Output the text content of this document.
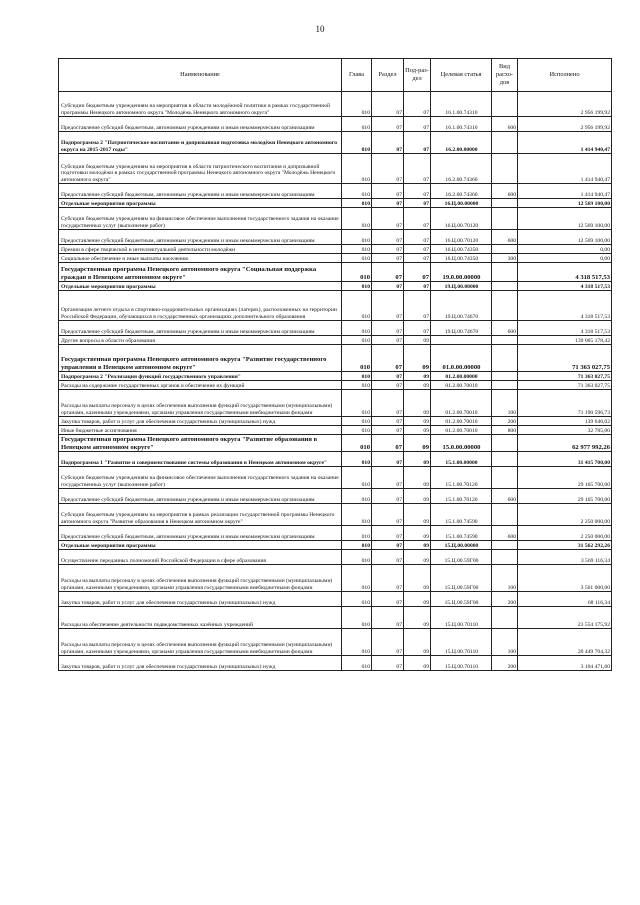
10
Наименование	Глава	Раздел	Под-раз-дел	Целевая статья	Вид расхо-дов	Исполнено
Субсидии бюджетным учреждениям на мероприятия в области молодёжной политики в рамках государственной программы Ненецкого автономного округа "Молодёжь Ненецкого автономного округа"	010	07	07	16.1.00.74310		2 956 199,92
Предоставление субсидий бюджетным, автономным учреждениям и иным некоммерческим организациям	010	07	07	16.1.00.74310	600	2 956 199,92
Подпрограмма 2 "Патриотическое воспитание и допризывная подготовка молодёжи Ненецкого автономного округа на 2015-2017 годы"	010	07	07	16.2.00.00000		1 414 940,47
Субсидии бюджетным учреждениям на мероприятия в области патриотического воспитания и допризывной подготовки молодёжи в рамках государственной программы Ненецкого автономного округа "Молодёжь Ненецкого автономного округа"	010	07	07	16.2.00.74360		1 414 940,47
Предоставление субсидий бюджетным, автономным учреждениям и иным некоммерческим организациям	010	07	07	16.2.00.74360	600	1 414 940,47
Отдельные мероприятия программы	010	07	07	16.Ц.00.00000		12 569 100,00
Субсидии бюджетным учреждениям на финансовое обеспечение выполнения государственного задания на оказание государственных услуг (выполнение работ)	010	07	07	16.Ц.00.70120		12 569 100,00
Предоставление субсидий бюджетным, автономным учреждениям и иным некоммерческим организациям	010	07	07	16.Ц.00.70120	600	12 569 100,00
Премии в сфере творческой и интеллектуальной деятельности молодёжи	010	07	07	16.Ц.00.74350		0,00
Социальное обеспечение и иные выплаты населению	010	07	07	16.Ц.00.74350	300	0,00
Государственная программа Ненецкого автономного округа "Социальная поддержка граждан в Ненецком автономном округе"	010	07	07	19.0.00.00000		4 318 517,53
Отдельные мероприятия программы	010	07	07	19.Ц.00.00000		4 318 517,53
Организация летнего отдыха в спортивно-оздоровительных организациях (лагерях), расположенных на территории Российской Федерации, обучающихся в государственных организациях дополнительного образования	010	07	07	19.Ц.00.74670		4 318 517,53
Предоставление субсидий бюджетным, автономным учреждениям и иным некоммерческим организациям	010	07	07	19.Ц.00.74670	600	4 318 517,53
Другие вопросы в области образования	010	07	09			139 065 178,42
Государственная программа Ненецкого автономного округа "Развитие государственного управления в Ненецком автономном округе"	010	07	09	01.0.00.00000		71 363 027,75
Подпрограмма 2 "Реализация функций государственного управления"	010	07	09	01.2.00.00000		71 363 027,75
Расходы на содержание государственных органов и обеспечение их функций	010	07	09	01.2.00.70010		71 363 027,75
Расходы на выплаты персоналу в целях обеспечения выполнения функций государственными (муниципальными) органами, казенными учреждениями, органами управления государственными внебюджетными фондами	010	07	09	01.2.00.70010	100	71 190 596,73
Закупка товаров, работ и услуг для обеспечения государственных (муниципальных) нужд	010	07	09	01.2.00.70010	200	139 646,02
Иные бюджетные ассигнования	010	07	09	01.2.00.70010	800	32 785,00
Государственная программа Ненецкого автономного округа "Развитие образования в Ненецком автономном округе"	010	07	09	15.0.00.00000		62 977 992,26
Подпрограмма 1 "Развитие и совершенствование системы образования в Ненецком автономном округе"	010	07	09	15.1.00.00000		31 415 700,00
Субсидии бюджетным учреждениям на финансовое обеспечение выполнения государственного задания на оказание государственных услуг (выполнение работ)	010	07	09	15.1.00.70120		29 165 700,00
Предоставление субсидий бюджетным, автономным учреждениям и иным некоммерческим организациям	010	07	09	15.1.00.70120	600	29 165 700,00
Субсидии бюджетным учреждениям на мероприятия в рамках реализации государственной программы Ненецкого автономного округа "Развитие образования в Ненецком автономном округе"	010	07	09	15.1.00.74590		2 250 000,00
Предоставление субсидий бюджетным, автономным учреждениям и иным некоммерческим организациям	010	07	09	15.1.00.74590	600	2 250 000,00
Отдельные мероприятия программы	010	07	09	15.Ц.00.00000		31 562 292,26
Осуществление переданных полномочий Российской Федерации в сфере образования	010	07	09	15.Ц.00.59Г00		3 569 116,34
Расходы на выплаты персоналу в целях обеспечения выполнения функций государственными (муниципальными) органами, казенными учреждениями, органами управления государственными внебюджетными фондами	010	07	09	15.Ц.00.59Г00	100	3 501 000,00
Закупка товаров, работ и услуг для обеспечения государственных (муниципальных) нужд	010	07	09	15.Ц.00.59Г00	200	68 116,34
Расходы на обеспечение деятельности подведомственных казённых учреждений	010	07	09	15.Ц.00.70110		23 554 175,92
Расходы на выплаты персоналу в целях обеспечения выполнения функций государственными (муниципальными) органами, казенными учреждениями, органами управления государственными внебюджетными фондами	010	07	09	15.Ц.00.70110	100	20 449 704,32
Закупка товаров, работ и услуг для обеспечения государственных (муниципальных) нужд	010	07	09	15.Ц.00.70110	200	3 104 471,60
